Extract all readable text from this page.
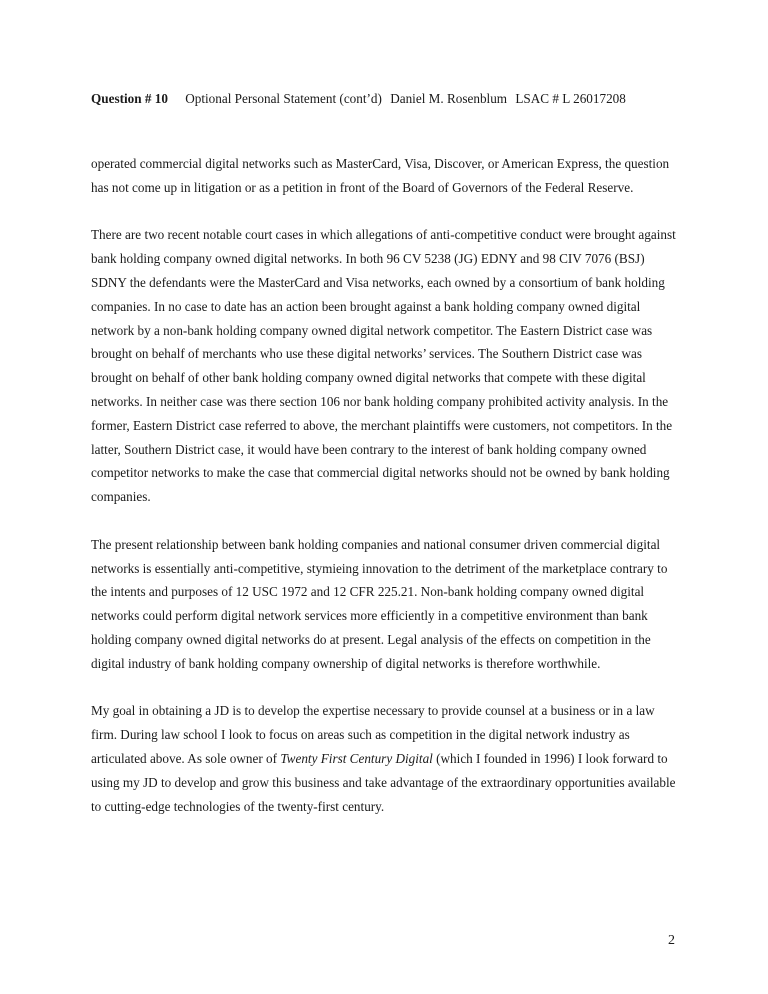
Question # 10 Optional Personal Statement (cont’d) Daniel M. Rosenblum LSAC # L 26017208

operated commercial digital networks such as MasterCard, Visa, Discover, or American Express, the question has not come up in litigation or as a petition in front of the Board of Governors of the Federal Reserve.

There are two recent notable court cases in which allegations of anti-competitive conduct were brought against bank holding company owned digital networks. In both 96 CV 5238 (JG) EDNY and 98 CIV 7076 (BSJ) SDNY the defendants were the MasterCard and Visa networks, each owned by a consortium of bank holding companies. In no case to date has an action been brought against a bank holding company owned digital network by a non-bank holding company owned digital network competitor. The Eastern District case was brought on behalf of merchants who use these digital networks’ services. The Southern District case was brought on behalf of other bank holding company owned digital networks that compete with these digital networks. In neither case was there section 106 nor bank holding company prohibited activity analysis. In the former, Eastern District case referred to above, the merchant plaintiffs were customers, not competitors. In the latter, Southern District case, it would have been contrary to the interest of bank holding company owned competitor networks to make the case that commercial digital networks should not be owned by bank holding companies.

The present relationship between bank holding companies and national consumer driven commercial digital networks is essentially anti-competitive, stymieing innovation to the detriment of the marketplace contrary to the intents and purposes of 12 USC 1972 and 12 CFR 225.21. Non-bank holding company owned digital networks could perform digital network services more efficiently in a competitive environment than bank holding company owned digital networks do at present. Legal analysis of the effects on competition in the digital industry of bank holding company ownership of digital networks is therefore worthwhile.

My goal in obtaining a JD is to develop the expertise necessary to provide counsel at a business or in a law firm. During law school I look to focus on areas such as competition in the digital network industry as articulated above. As sole owner of Twenty First Century Digital (which I founded in 1996) I look forward to using my JD to develop and grow this business and take advantage of the extraordinary opportunities available to cutting-edge technologies of the twenty-first century.

2
